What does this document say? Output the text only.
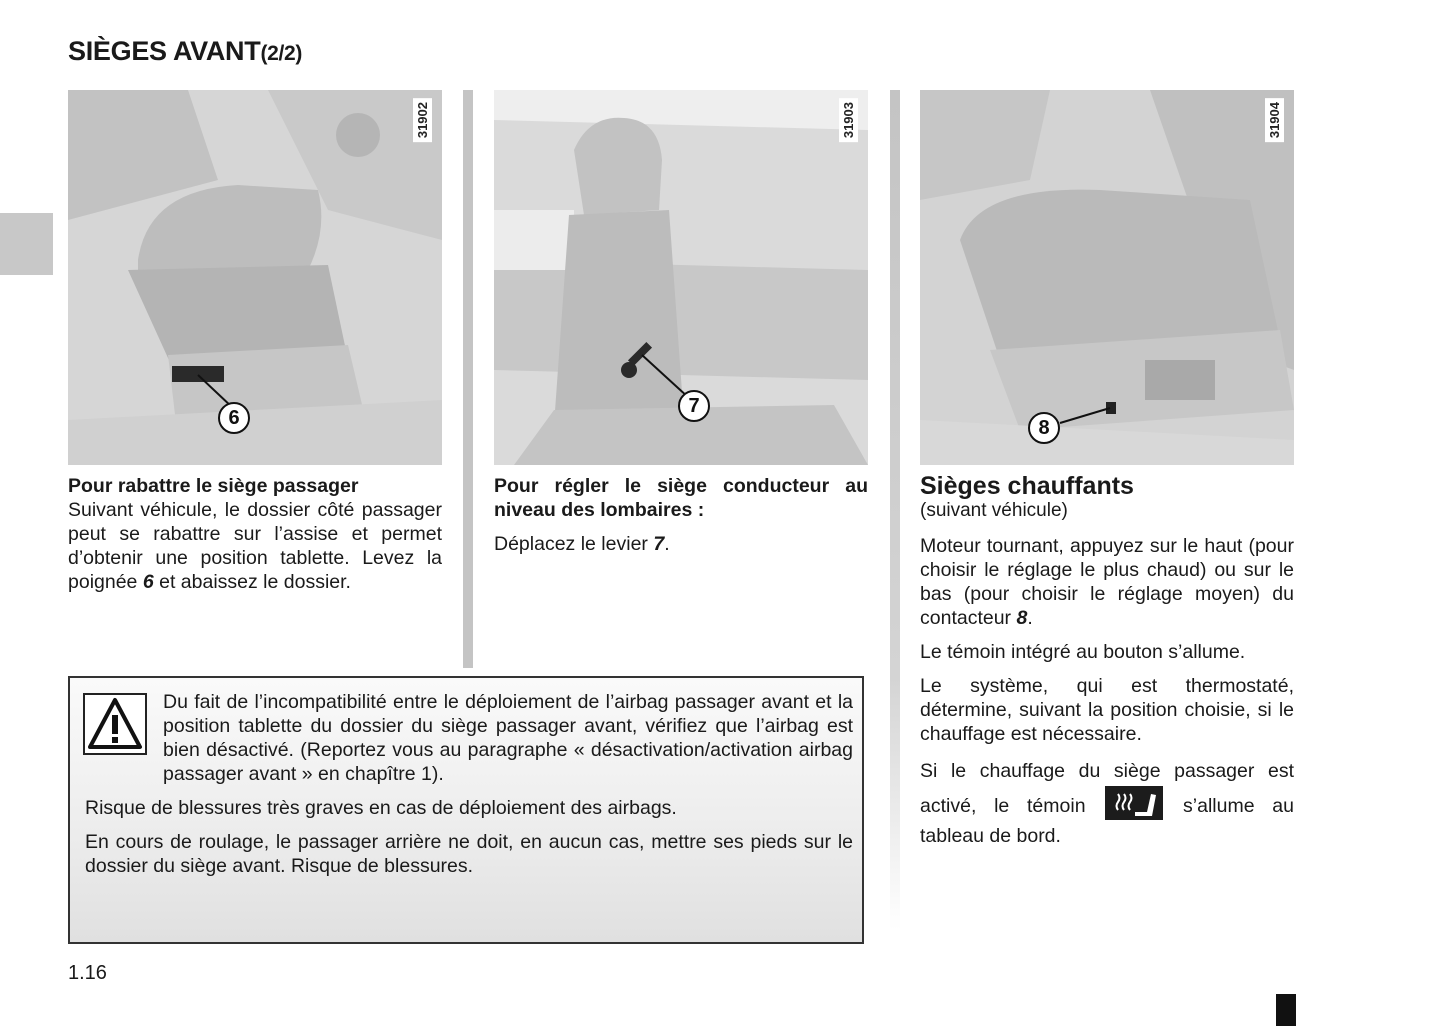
SIÈGES AVANT(2/2)
31902
6
31903
7
31904
8

Pour rabattre le siège passager

Suivant véhicule, le dossier côté passager peut se rabattre sur l’assise et permet d’obtenir une position tablette. Levez la poignée 6 et abaissez le dossier.

Pour régler le siège conducteur au niveau des lombaires :

Déplacez le levier 7.

Sièges chauffants

(suivant véhicule)

Moteur tournant, appuyez sur le haut (pour choisir le réglage le plus chaud) ou sur le bas (pour choisir le réglage moyen) du contacteur 8.

Le témoin intégré au bouton s’allume.

Le système, qui est thermostaté, détermine, suivant la position choisie, si le chauffage est nécessaire.

Si le chauffage du siège passager est activé, le témoin	s’allume au tableau de bord.

Du fait de l’incompatibilité entre le déploiement de l’airbag passager avant et la position tablette du dossier du siège passager avant, vérifiez que l’airbag est bien désactivé. (Reportez vous au paragraphe « désactivation/activation airbag passager avant » en chapître 1).

Risque de blessures très graves en cas de déploiement des airbags.

En cours de roulage, le passager arrière ne doit, en aucun cas, mettre ses pieds sur le dossier du siège avant. Risque de blessures.

1.16
